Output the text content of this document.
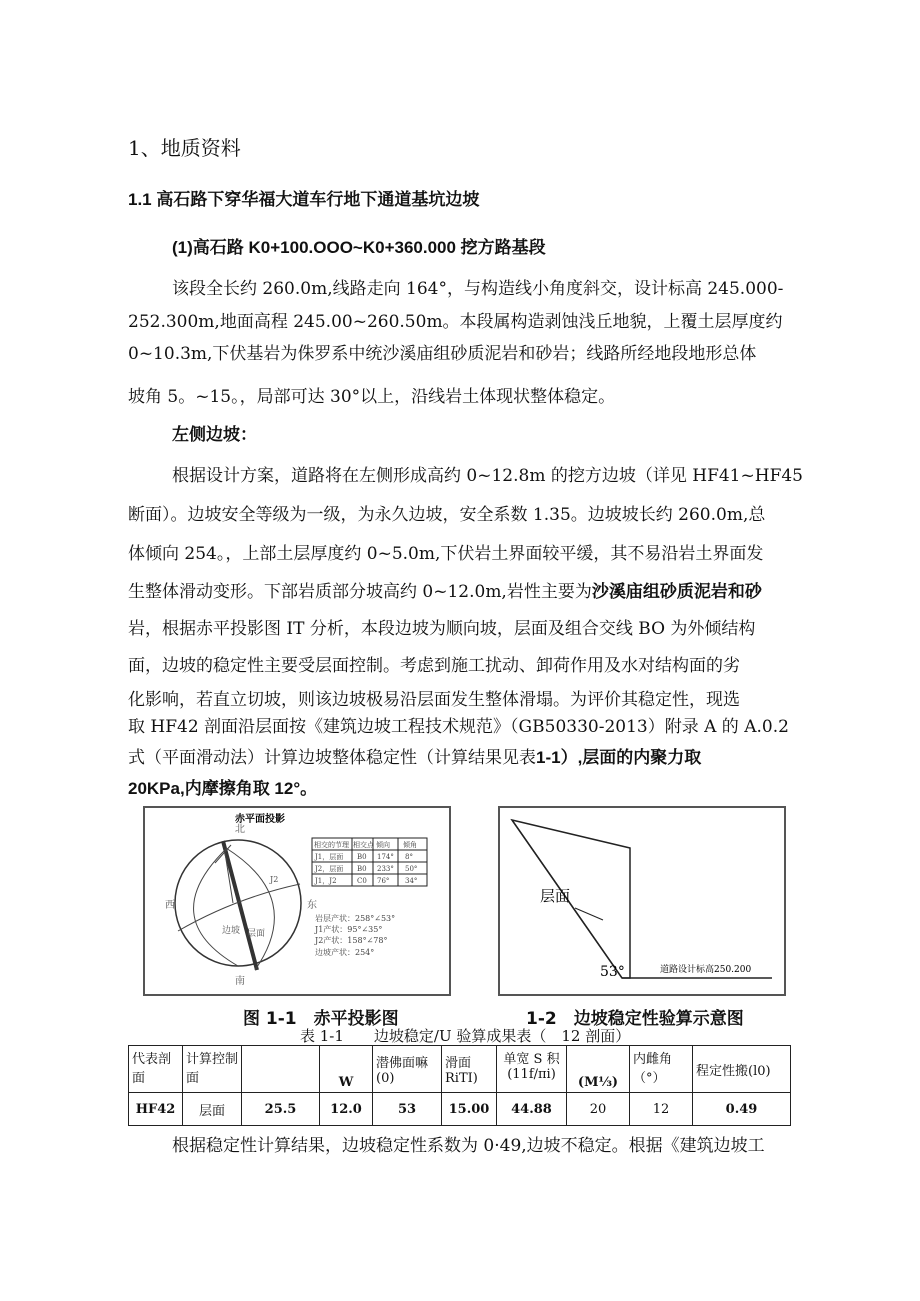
1、地质资料
1.1 高石路下穿华福大道车行地下通道基坑边坡
(1)高石路 K0+100.OOO~K0+360.000 挖方路基段
该段全长约 260.0m,线路走向 164°，与构造线小角度斜交，设计标高 245.000-
252.300m,地面高程 245.00~260.50m。本段属构造剥蚀浅丘地貌，上覆土层厚度约
0~10.3m,下伏基岩为侏罗系中统沙溪庙组砂质泥岩和砂岩；线路所经地段地形总体
坡角 5。~15。，局部可达 30°以上，沿线岩土体现状整体稳定。
左侧边坡：
根据设计方案，道路将在左侧形成高约 0~12.8m 的挖方边坡（详见 HF41~HF45
断面）。边坡安全等级为一级，为永久边坡，安全系数 1.35。边坡坡长约 260.0m,总
体倾向 254。，上部土层厚度约 0~5.0m,下伏岩土界面较平缓，其不易沿岩土界面发
生整体滑动变形。下部岩质部分坡高约 0~12.0m,岩性主要为沙溪庙组砂质泥岩和砂
岩，根据赤平投影图 IT 分析，本段边坡为顺向坡，层面及组合交线 BO 为外倾结构
面，边坡的稳定性主要受层面控制。考虑到施工扰动、卸荷作用及水对结构面的劣
化影响，若直立切坡，则该边坡极易沿层面发生整体滑塌。为评价其稳定性，现选
取 HF42 剖面沿层面按《建筑边坡工程技术规范》（GB50330-2013）附录 A 的 A.0.2
式（平面滑动法）计算边坡整体稳定性（计算结果见表1-1）,层面的内聚力取
20KPa,内摩擦角取 12°。
赤平面投影
北
南
东
西
边坡 层面
J2
相交的节理 相交点 倾向 倾角
J1，层面 B0 174° 8°
J2，层面 B0 233° 50°
J1，J2	C0 76° 34°
岩层产状：258°∠53°
J1产状：95°∠35°
J2产状：158°∠78°
边坡产状：254°
层面
53°	道路设计标高250.200
图 1-1　赤平投影图	1-2　边坡稳定性验算示意图
表 1-1　　边坡稳定/U 验算成果表（　12 剖面）
代表剖面	计算控制面		W	潜佛面嘛(0)	滑面 RiTI)	单宽 S 积 (11f/πi)	(M⅓)	内雌角（°）	程定性搬(l0)
HF42	层面	25.5	12.0	53	15.00	44.88	20	12	0.49
根据稳定性计算结果，边坡稳定性系数为 0·49,边坡不稳定。根据《建筑边坡工
